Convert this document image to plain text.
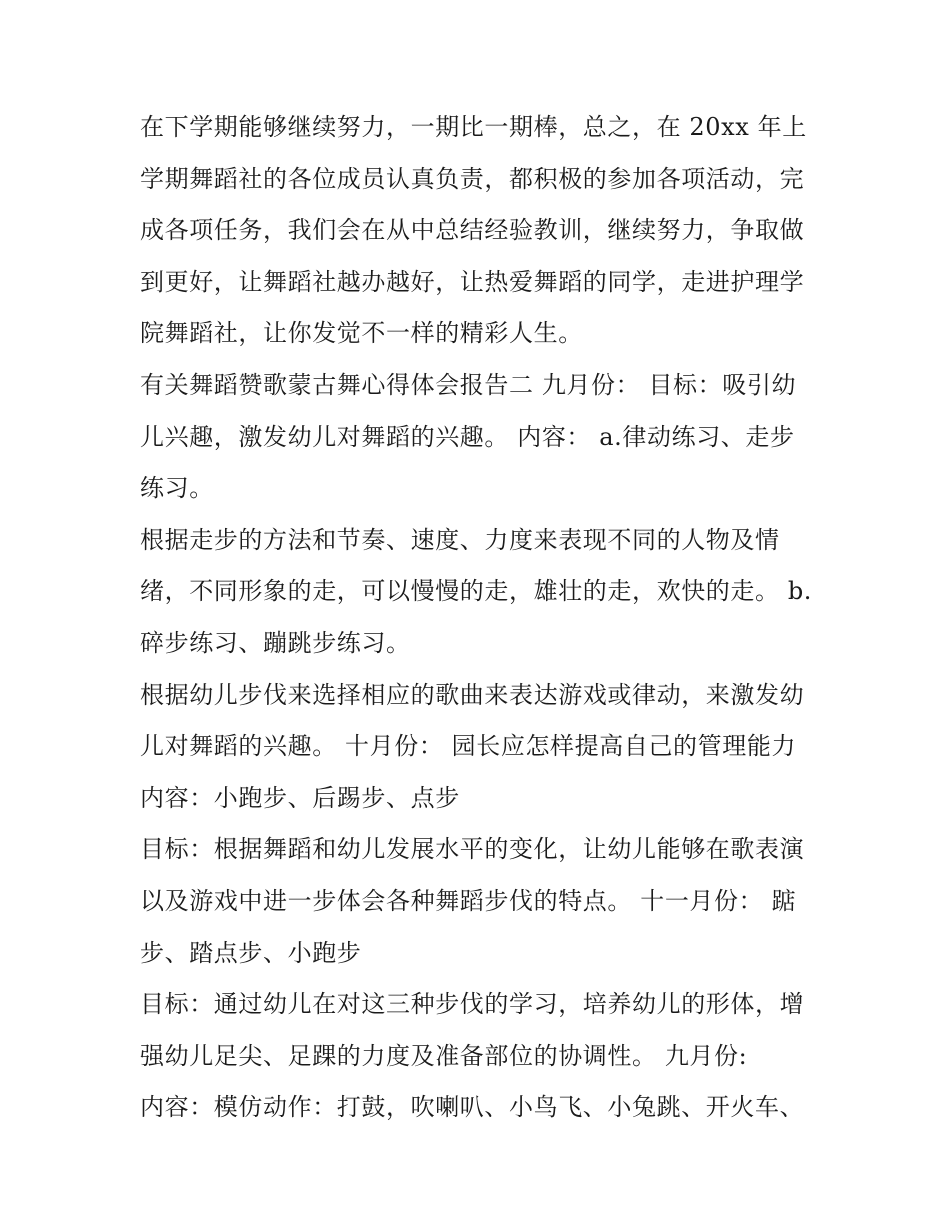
在下学期能够继续努力，一期比一期棒，总之，在 20xx 年上
学期舞蹈社的各位成员认真负责，都积极的参加各项活动，完
成各项任务，我们会在从中总结经验教训，继续努力，争取做
到更好，让舞蹈社越办越好，让热爱舞蹈的同学，走进护理学
院舞蹈社，让你发觉不一样的精彩人生。
有关舞蹈赞歌蒙古舞心得体会报告二 九月份： 目标：吸引幼
儿兴趣，激发幼儿对舞蹈的兴趣。 内容： a.律动练习、走步
练习。
根据走步的方法和节奏、速度、力度来表现不同的人物及情
绪，不同形象的走，可以慢慢的走，雄壮的走，欢快的走。 b.
碎步练习、蹦跳步练习。
根据幼儿步伐来选择相应的歌曲来表达游戏或律动，来激发幼
儿对舞蹈的兴趣。 十月份： 园长应怎样提高自己的管理能力
内容：小跑步、后踢步、点步
目标：根据舞蹈和幼儿发展水平的变化，让幼儿能够在歌表演
以及游戏中进一步体会各种舞蹈步伐的特点。 十一月份： 踮
步、踏点步、小跑步
目标：通过幼儿在对这三种步伐的学习，培养幼儿的形体，增
强幼儿足尖、足踝的力度及准备部位的协调性。 九月份:
内容：模仿动作：打鼓，吹喇叭、小鸟飞、小兔跳、开火车、
